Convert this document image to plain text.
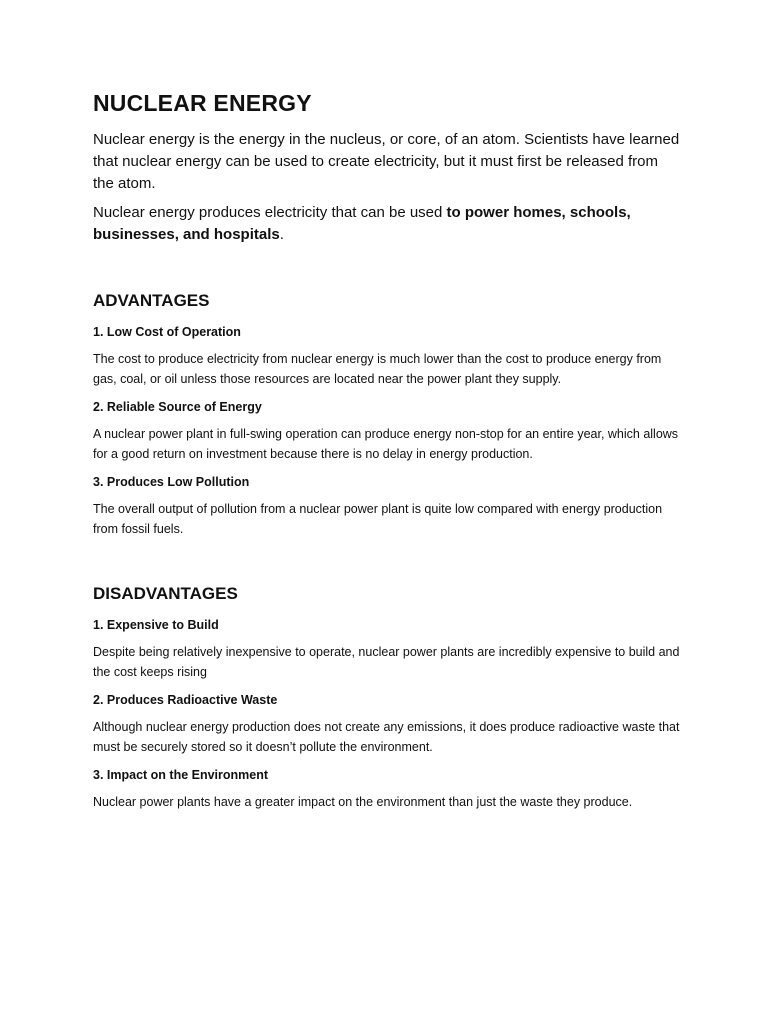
NUCLEAR ENERGY

Nuclear energy is the energy in the nucleus, or core, of an atom. Scientists have learned that nuclear energy can be used to create electricity, but it must first be released from the atom.

Nuclear energy produces electricity that can be used to power homes, schools, businesses, and hospitals.

ADVANTAGES
1. Low Cost of Operation

The cost to produce electricity from nuclear energy is much lower than the cost to produce energy from gas, coal, or oil unless those resources are located near the power plant they supply.

2. Reliable Source of Energy

A nuclear power plant in full-swing operation can produce energy non-stop for an entire year, which allows for a good return on investment because there is no delay in energy production.

3. Produces Low Pollution

The overall output of pollution from a nuclear power plant is quite low compared with energy production from fossil fuels.

DISADVANTAGES
1. Expensive to Build

Despite being relatively inexpensive to operate, nuclear power plants are incredibly expensive to build and the cost keeps rising

2. Produces Radioactive Waste

Although nuclear energy production does not create any emissions, it does produce radioactive waste that must be securely stored so it doesn’t pollute the environment.

3. Impact on the Environment

Nuclear power plants have a greater impact on the environment than just the waste they produce.
